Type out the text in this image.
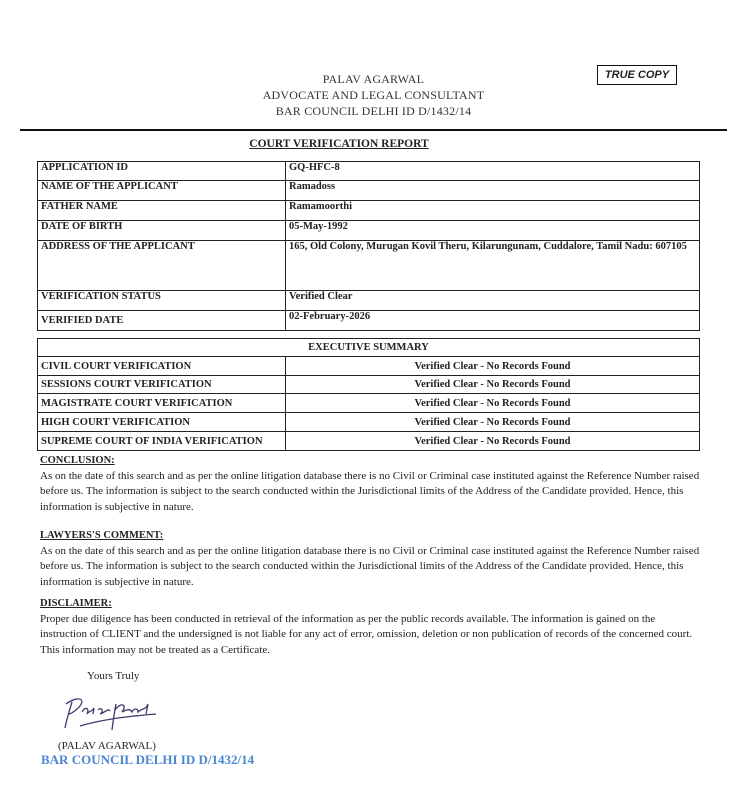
PALAV AGARWAL
ADVOCATE AND LEGAL CONSULTANT
BAR COUNCIL DELHI ID D/1432/14
TRUE COPY
COURT VERIFICATION REPORT
APPLICATION ID	GQ-HFC-8
NAME OF THE APPLICANT	Ramadoss
FATHER NAME	Ramamoorthi
DATE OF BIRTH	05-May-1992
ADDRESS OF THE APPLICANT	165, Old Colony, Murugan Kovil Theru, Kilarungunam, Cuddalore, Tamil Nadu: 607105
VERIFICATION STATUS	Verified Clear
VERIFIED DATE	02-February-2026
EXECUTIVE SUMMARY	
CIVIL COURT VERIFICATION	Verified Clear - No Records Found
SESSIONS COURT VERIFICATION	Verified Clear - No Records Found
MAGISTRATE COURT VERIFICATION	Verified Clear - No Records Found
HIGH COURT VERIFICATION	Verified Clear - No Records Found
SUPREME COURT OF INDIA VERIFICATION	Verified Clear - No Records Found
CONCLUSION:
As on the date of this search and as per the online litigation database there is no Civil or Criminal case instituted against the Reference Number raised before us. The information is subject to the search conducted within the Jurisdictional limits of the Address of the Candidate provided. Hence, this information is subjective in nature.
LAWYERS'S COMMENT:
As on the date of this search and as per the online litigation database there is no Civil or Criminal case instituted against the Reference Number raised before us. The information is subject to the search conducted within the Jurisdictional limits of the Address of the Candidate provided. Hence, this information is subjective in nature.
DISCLAIMER:
Proper due diligence has been conducted in retrieval of the information as per the public records available. The information is gained on the instruction of CLIENT and the undersigned is not liable for any act of error, omission, deletion or non publication of records of the concerned court. This information may not be treated as a Certificate.
Yours Truly
(PALAV AGARWAL)
BAR COUNCIL DELHI ID D/1432/14
